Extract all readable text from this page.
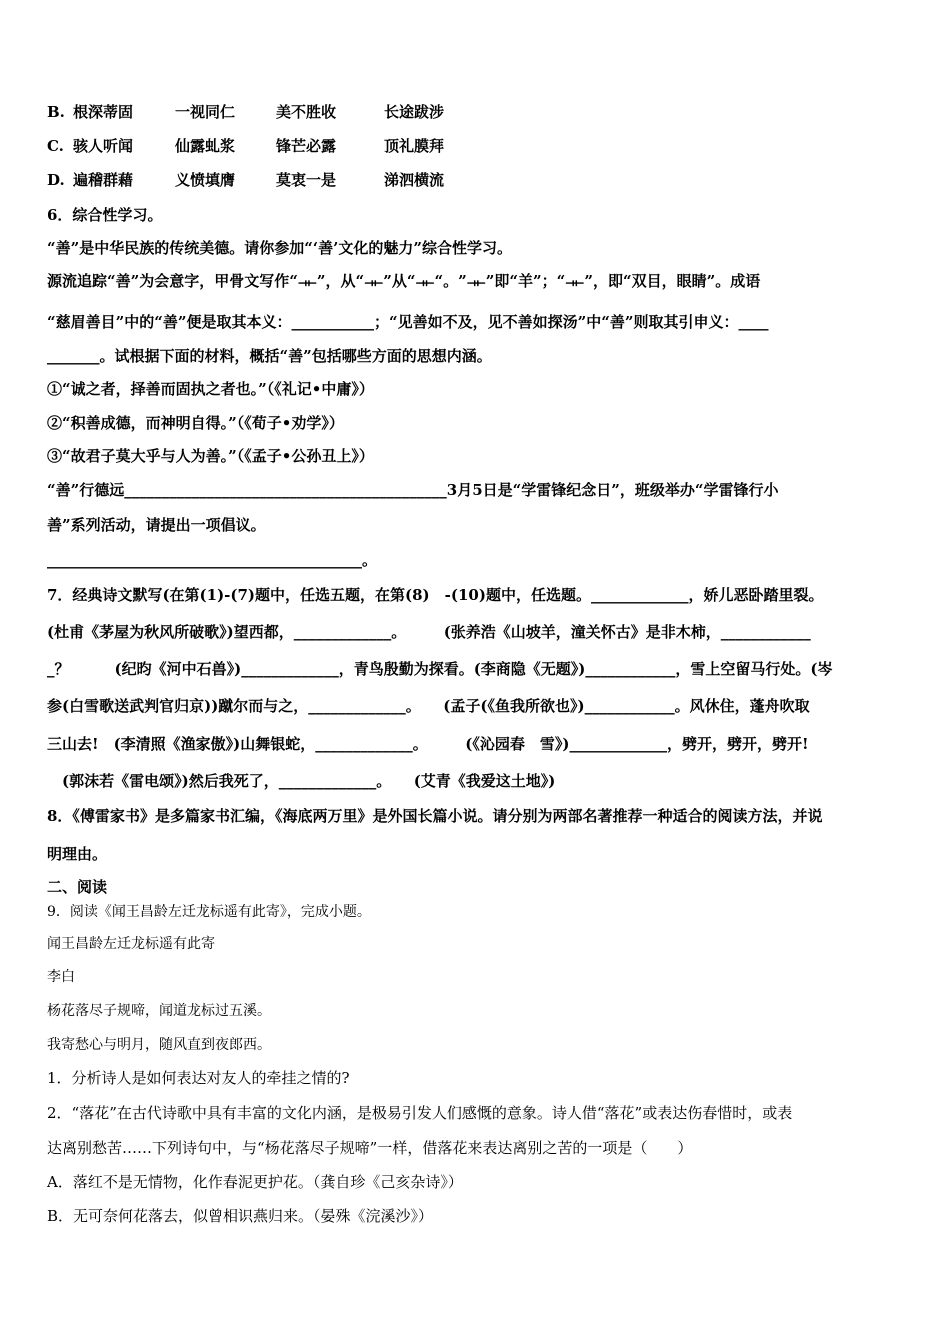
B. 根深蒂固	一视同仁	美不胜收	长途跋涉
C. 骇人听闻	仙露虬浆	锋芒必露	顶礼膜拜
D. 遍稽群藉	义愤填膺	莫衷一是	涕泗横流
6．综合性学习。
“善”是中华民族的传统美德。请你参加“‘善’文化的魅力”综合性学习。
源流追踪“善”为会意字，甲骨文写作“𐦔”，从“𐦔”从“𐦔”。“𐦔”即“羊”；“𐦔”，即“双目，眼睛”。成语
“慈眉善目”中的“善”便是取其本义：___________；“见善如不及，见不善如探汤”中“善”则取其引申义：____
_______。试根据下面的材料，概括“善”包括哪些方面的思想内涵。
①“诚之者，择善而固执之者也。”（《礼记•中庸》）
②“积善成德，而神明自得。”（《荀子•劝学》）
③“故君子莫大乎与人为善。”（《孟子•公孙丑上》）
“善”行德远___________________________________________3月5日是“学雷锋纪念日”，班级举办“学雷锋行小
善”系列活动，请提出一项倡议。
__________________________________________。
7．经典诗文默写(在第(1)-(7)题中，任选五题，在第(8)　-(10)题中，任选题。_____________，娇儿恶卧踏里裂。
(杜甫《茅屋为秋风所破歌》)望西都，_____________。　　　(张养浩《山坡羊，潼关怀古》是非木柿，____________
_？　　　(纪昀《河中石兽》)_____________，青鸟殷勤为探看。(李商隐《无题》)____________，雪上空留马行处。(岑
参(白雪歌送武判官归京))蹴尔而与之，_____________。　　(孟子(《鱼我所欲也》)____________。风休住，蓬舟吹取
三山去!　(李清照《渔家傲》)山舞银蛇，_____________。　　　(《沁园春　雪》)_____________，劈开，劈开，劈开!
　(郭沫若《雷电颂》)然后我死了，_____________。　　(艾青《我爱这土地》)
8．《傅雷家书》是多篇家书汇编，《海底两万里》是外国长篇小说。请分别为两部名著推荐一种适合的阅读方法，并说
明理由。
二、阅读
9．阅读《闻王昌龄左迁龙标遥有此寄》，完成小题。
闻王昌龄左迁龙标遥有此寄
李白
杨花落尽子规啼，闻道龙标过五溪。
我寄愁心与明月，随风直到夜郎西。
1．分析诗人是如何表达对友人的牵挂之情的?
2．“落花”在古代诗歌中具有丰富的文化内涵，是极易引发人们感慨的意象。诗人借“落花”或表达伤春惜时，或表
达离别愁苦……下列诗句中，与“杨花落尽子规啼”一样，借落花来表达离别之苦的一项是（　　）
A．落红不是无情物，化作春泥更护花。（龚自珍《己亥杂诗》）
B．无可奈何花落去，似曾相识燕归来。（晏殊《浣溪沙》）
